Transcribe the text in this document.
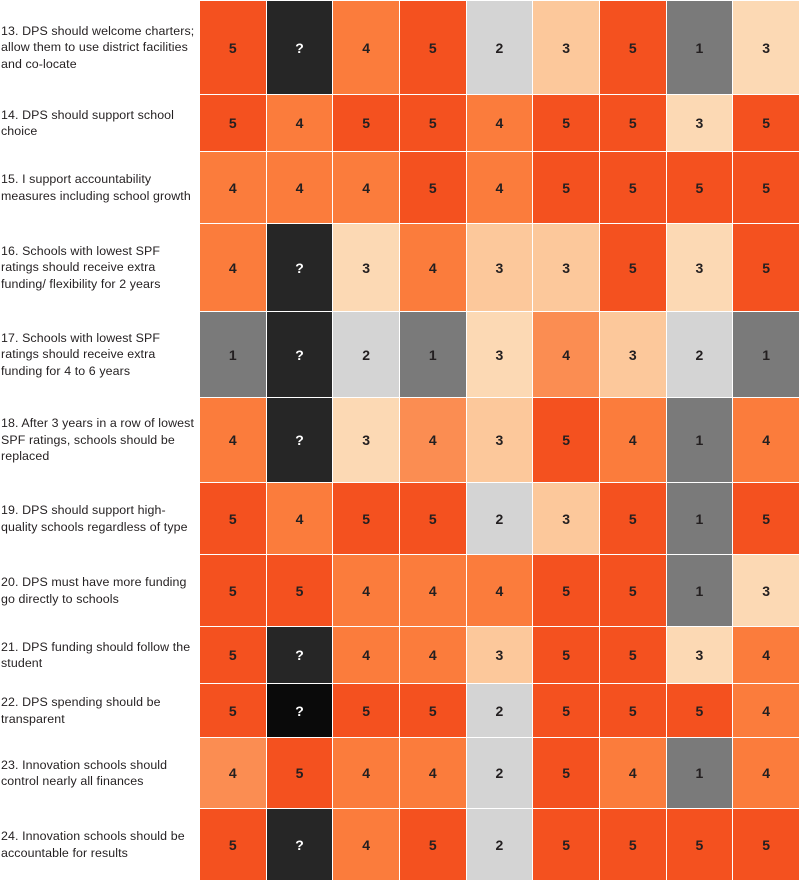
13. DPS should welcome charters; allow them to use district facilities and co-locate	5	?	4	5	2	3	5	1	3

14. DPS should support school choice	5	4	5	5	4	5	5	3	5

15. I support accountability measures including school growth	4	4	4	5	4	5	5	5	5

16. Schools with lowest SPF ratings should receive extra funding/ flexibility for 2 years	4	?	3	4	3	3	5	3	5

17. Schools with lowest SPF ratings should receive extra funding for 4 to 6 years	1	?	2	1	3	4	3	2	1

18. After 3 years in a row of lowest SPF ratings, schools should be replaced	4	?	3	4	3	5	4	1	4

19. DPS should support high-quality schools regardless of type	5	4	5	5	2	3	5	1	5

20. DPS must have more funding go directly to schools	5	5	4	4	4	5	5	1	3

21. DPS funding should follow the student	5	?	4	4	3	5	5	3	4

22. DPS spending should be transparent	5	?	5	5	2	5	5	5	4

23. Innovation schools should control nearly all finances	4	5	4	4	2	5	4	1	4

24. Innovation schools should be accountable for results	5	?	4	5	2	5	5	5	5
